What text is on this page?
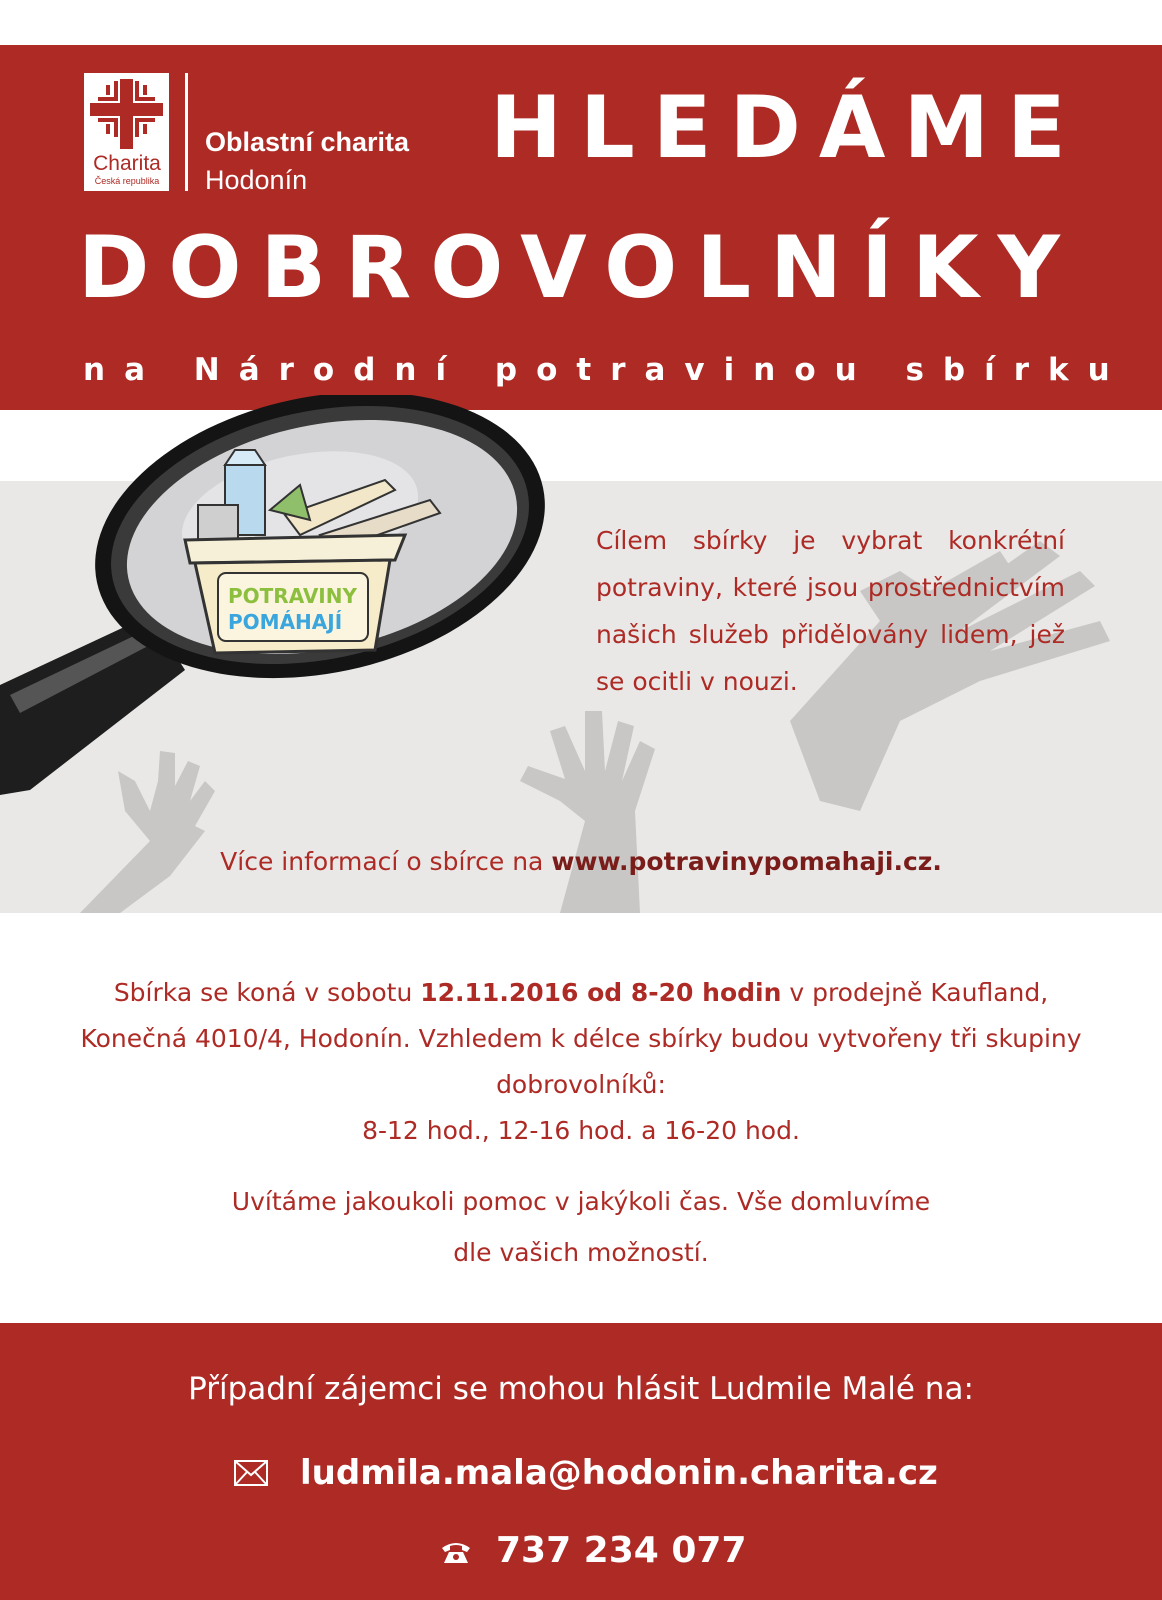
Charita
Česká republika
Oblastní charita
Hodonín
HLEDÁME
DOBROVOLNÍKY
na Národní potravinou sbírku
POTRAVINY
POMÁHAJÍ
Cílem sbírky je vybrat konkrétní potraviny, které jsou prostřednictvím našich služeb přidělovány lidem, jež se ocitli v nouzi.
Více informací o sbírce na www.potravinypomahaji.cz.
Sbírka se koná v sobotu 12.11.2016 od 8-20 hodin v prodejně Kaufland, Konečná 4010/4, Hodonín. Vzhledem k délce sbírky budou vytvořeny tři skupiny dobrovolníků:
8-12 hod., 12-16 hod. a 16-20 hod.
Uvítáme jakoukoli pomoc v jakýkoli čas. Vše domluvíme
dle vašich možností.
Případní zájemci se mohou hlásit Ludmile Malé na:
ludmila.mala@hodonin.charita.cz
737 234 077
